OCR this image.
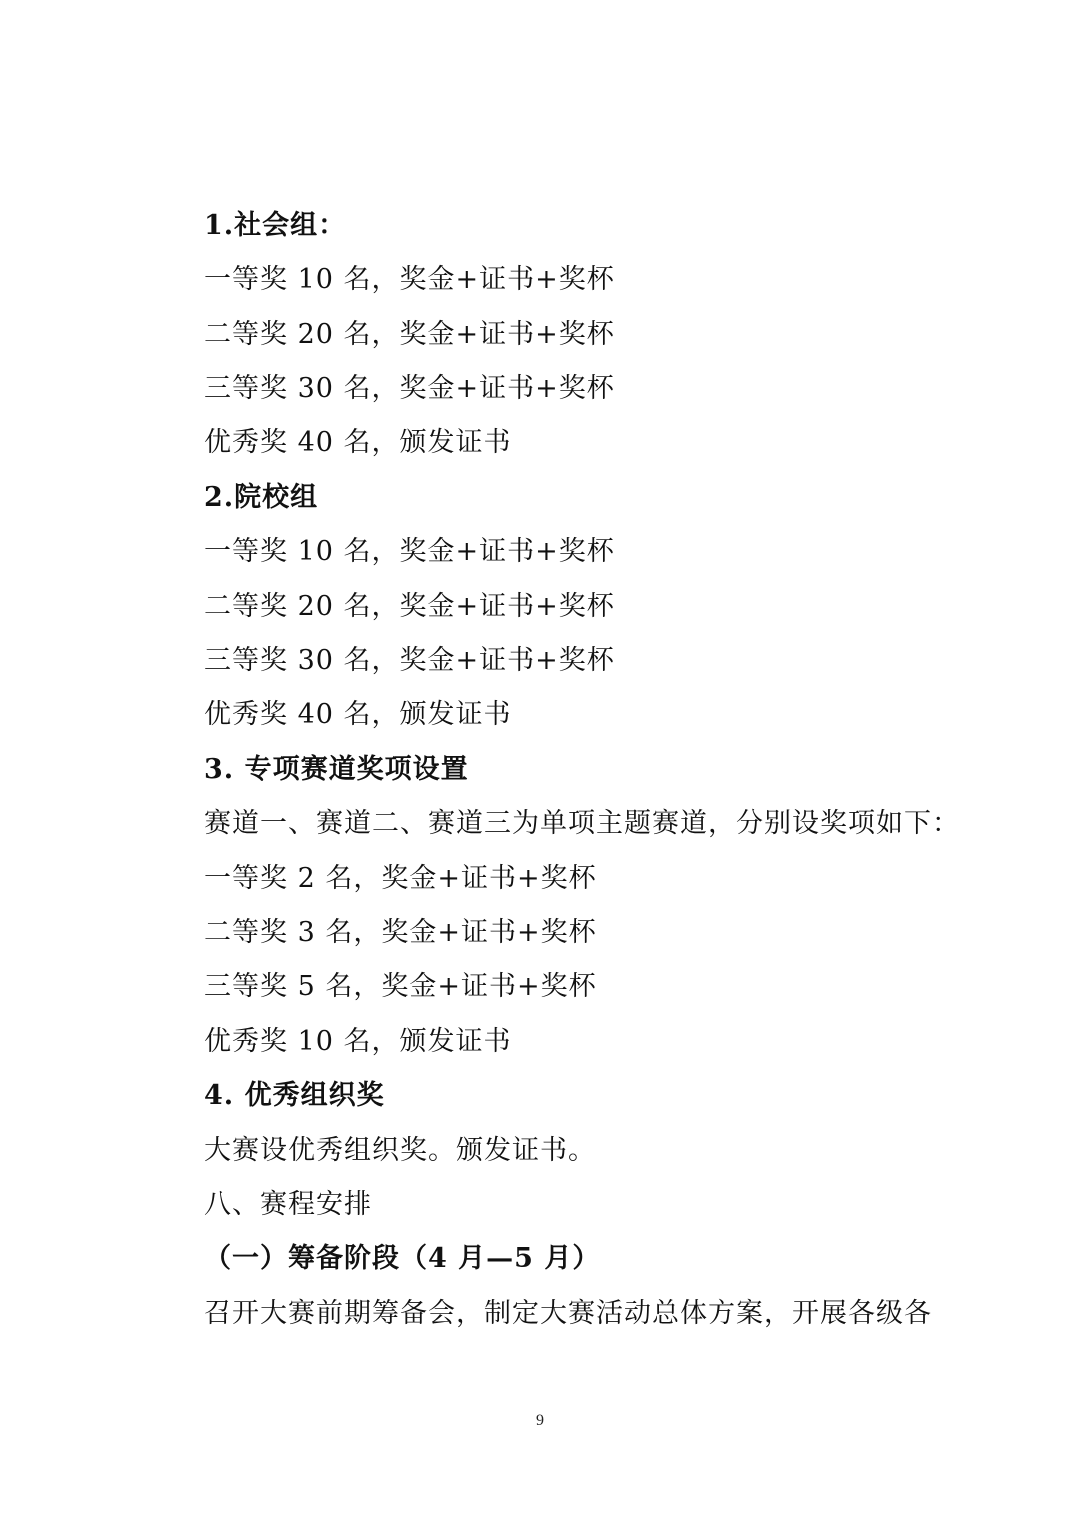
1.社会组：
一等奖 10 名，奖金+证书+奖杯
二等奖 20 名，奖金+证书+奖杯
三等奖 30 名，奖金+证书+奖杯
优秀奖 40 名，颁发证书
2.院校组
一等奖 10 名，奖金+证书+奖杯
二等奖 20 名，奖金+证书+奖杯
三等奖 30 名，奖金+证书+奖杯
优秀奖 40 名，颁发证书
3. 专项赛道奖项设置
赛道一、赛道二、赛道三为单项主题赛道，分别设奖项如下：
一等奖 2 名，奖金+证书+奖杯
二等奖 3 名，奖金+证书+奖杯
三等奖 5 名，奖金+证书+奖杯
优秀奖 10 名，颁发证书
4. 优秀组织奖
大赛设优秀组织奖。颁发证书。
八、赛程安排
（一）筹备阶段（4 月—5 月）
召开大赛前期筹备会，制定大赛活动总体方案，开展各级各
9
